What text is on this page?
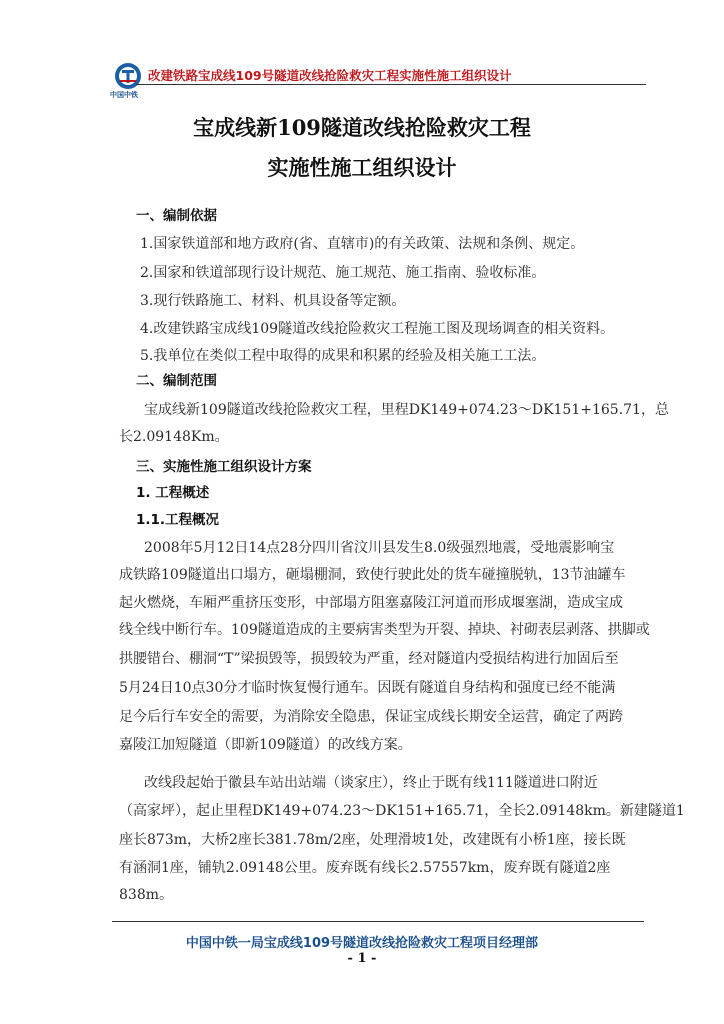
中国中铁
改建铁路宝成线109号隧道改线抢险救灾工程实施性施工组织设计
宝成线新109隧道改线抢险救灾工程
实施性施工组织设计
一、编制依据
1.国家铁道部和地方政府(省、直辖市)的有关政策、法规和条例、规定。
2.国家和铁道部现行设计规范、施工规范、施工指南、验收标准。
3.现行铁路施工、材料、机具设备等定额。
4.改建铁路宝成线109隧道改线抢险救灾工程施工图及现场调查的相关资料。
5.我单位在类似工程中取得的成果和积累的经验及相关施工工法。
二、编制范围
宝成线新109隧道改线抢险救灾工程，里程DK149+074.23～DK151+165.71，总
长2.09148Km。
三、实施性施工组织设计方案
1. 工程概述
1.1.工程概况
2008年5月12日14点28分四川省汶川县发生8.0级强烈地震，受地震影响宝
成铁路109隧道出口塌方，砸塌棚洞，致使行驶此处的货车碰撞脱轨，13节油罐车
起火燃烧，车厢严重挤压变形，中部塌方阻塞嘉陵江河道而形成堰塞湖，造成宝成
线全线中断行车。109隧道造成的主要病害类型为开裂、掉块、衬砌表层剥落、拱脚或
拱腰错台、棚洞“T”梁损毁等，损毁较为严重，经对隧道内受损结构进行加固后至
5月24日10点30分才临时恢复慢行通车。因既有隧道自身结构和强度已经不能满
足今后行车安全的需要，为消除安全隐患，保证宝成线长期安全运营，确定了两跨
嘉陵江加短隧道（即新109隧道）的改线方案。
改线段起始于徽县车站出站端（谈家庄），终止于既有线111隧道进口附近
（高家坪），起止里程DK149+074.23～DK151+165.71，全长2.09148km。新建隧道1
座长873m，大桥2座长381.78m/2座，处理滑坡1处，改建既有小桥1座，接长既
有涵洞1座，铺轨2.09148公里。废弃既有线长2.57557km，废弃既有隧道2座
838m。
中国中铁一局宝成线109号隧道改线抢险救灾工程项目经理部
- 1 -
